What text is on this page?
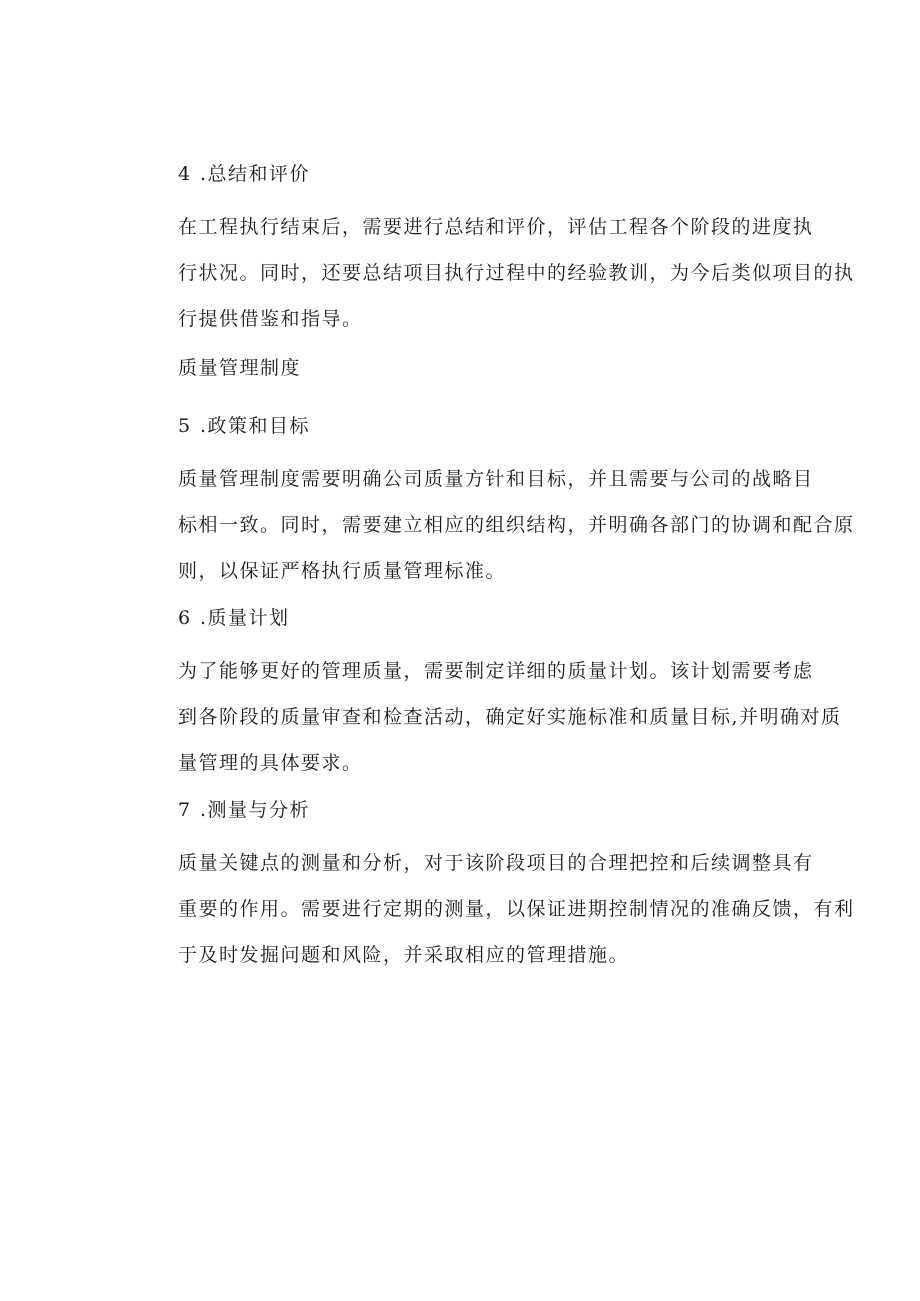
4 .总结和评价
在工程执行结束后，需要进行总结和评价，评估工程各个阶段的进度执
行状况。同时，还要总结项目执行过程中的经验教训，为今后类似项目的执
行提供借鉴和指导。
质量管理制度
5 .政策和目标
质量管理制度需要明确公司质量方针和目标，并且需要与公司的战略目
标相一致。同时，需要建立相应的组织结构，并明确各部门的协调和配合原
则，以保证严格执行质量管理标准。
6 .质量计划
为了能够更好的管理质量，需要制定详细的质量计划。该计划需要考虑
到各阶段的质量审查和检查活动，确定好实施标准和质量目标,并明确对质
量管理的具体要求。
7 .测量与分析
质量关键点的测量和分析，对于该阶段项目的合理把控和后续调整具有
重要的作用。需要进行定期的测量，以保证进期控制情况的准确反馈，有利
于及时发掘问题和风险，并采取相应的管理措施。
